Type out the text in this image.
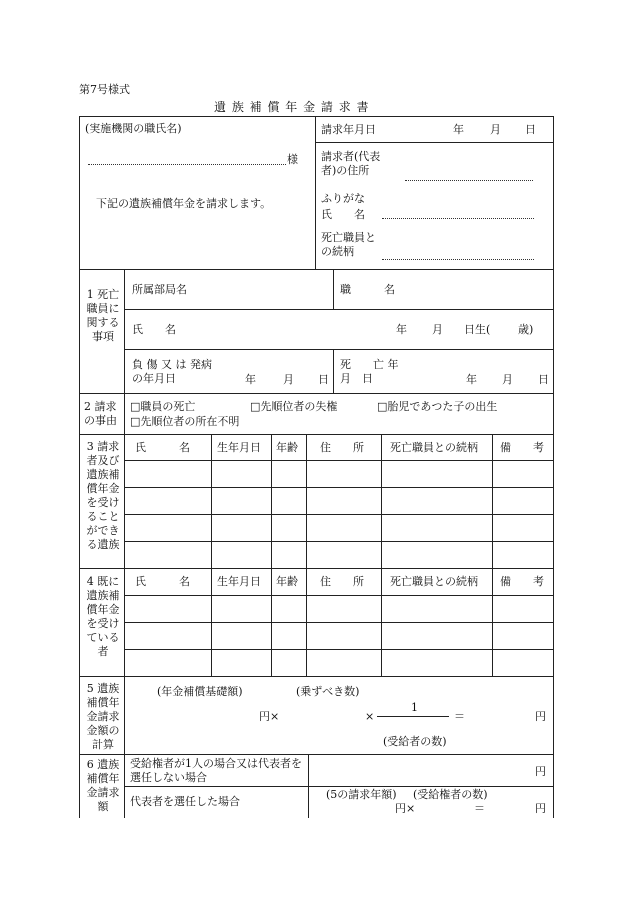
第7号様式
遺 族 補 償 年 金 請 求 書
(実施機関の職氏名)
様
下記の遺族補償年金を請求します。
請求年月日	年 月 日
請求者(代表者)の住所
ふりがな
氏　　名
死亡職員との続柄
1 死亡職員に関する事項
所属部局名	職　　　名
氏　　名	年 月 日生(	歳)
負 傷 又 は 発病の年月日	年 月 日
死　　亡 年　月　日	年 月 日
2 請求の事由
□職員の死亡	□先順位者の失権	□胎児であつた子の出生
□先順位者の所在不明
3 請求者及び遺族補償年金を受けることができる遺族
氏　　　名 生年月日 年齢 住　　所 死亡職員との続柄 備　　考
4 既に遺族補償年金を受けている者
氏　　　名 生年月日 年齢 住　　所 死亡職員との続柄 備　　考
5 遺族補償年金請求金額の計算
(年金補償基礎額)	(乗ずべき数)
円×	×
1
＝	円
(受給者の数)
6 遺族補償年金請求額
受給権者が1人の場合又は代表者を選任しない場合	円
代表者を選任した場合
(5の請求年額) (受給権者の数)
円×	＝	円
